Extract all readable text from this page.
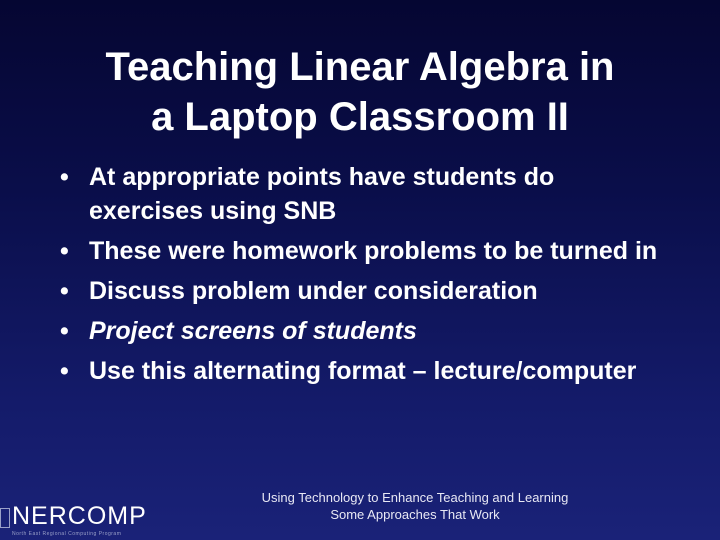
Teaching Linear Algebra in
a Laptop Classroom II
• At appropriate points have students do exercises using SNB
• These were homework problems to be turned in
• Discuss problem under consideration
• Project screens of students
• Use this alternating format – lecture/computer
NERCOMP
North East Regional Computing Program
Using Technology to Enhance Teaching and Learning
Some Approaches That Work
